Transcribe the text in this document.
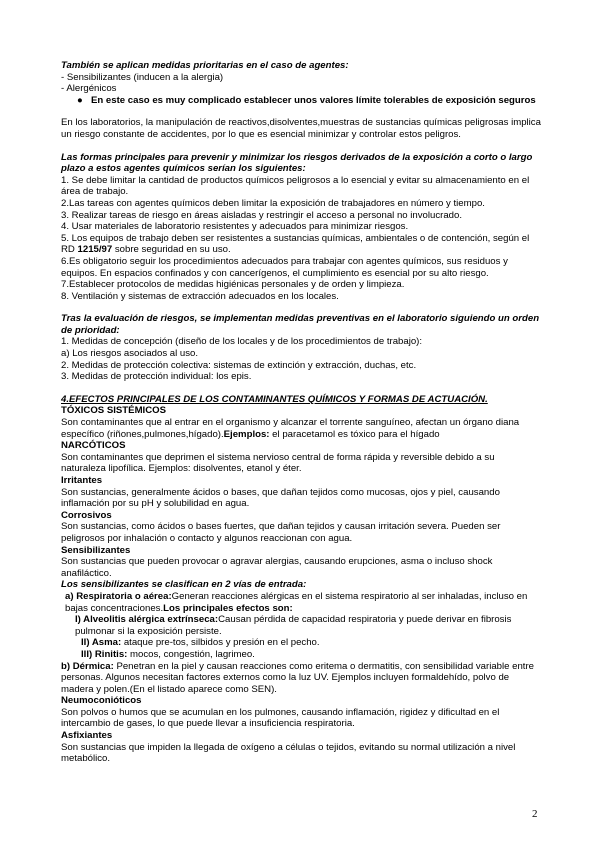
También se aplican medidas prioritarias en el caso de agentes:

- Sensibilizantes (inducen a la alergia)

- Alergénicos

● En este caso es muy complicado establecer unos valores límite tolerables de exposición seguros

En los laboratorios, la manipulación de reactivos,disolventes,muestras de sustancias químicas peligrosas implica un riesgo constante de accidentes, por lo que es esencial minimizar y controlar estos peligros.

Las formas principales para prevenir y minimizar los riesgos derivados de la exposición a corto o largo plazo a estos agentes químicos serían los siguientes:

1. Se debe limitar la cantidad de productos químicos peligrosos a lo esencial y evitar su almacenamiento en el área de trabajo.

2.Las tareas con agentes químicos deben limitar la exposición de trabajadores en número y tiempo.

3. Realizar tareas de riesgo en áreas aisladas y restringir el acceso a personal no involucrado.

4. Usar materiales de laboratorio resistentes y adecuados para minimizar riesgos.

5. Los equipos de trabajo deben ser resistentes a sustancias químicas, ambientales o de contención, según el RD 1215/97 sobre seguridad en su uso.

6.Es obligatorio seguir los procedimientos adecuados para trabajar con agentes químicos, sus residuos y equipos. En espacios confinados y con cancerígenos, el cumplimiento es esencial por su alto riesgo.

7.Establecer protocolos de medidas higiénicas personales y de orden y limpieza.

8. Ventilación y sistemas de extracción adecuados en los locales.

Tras la evaluación de riesgos, se implementan medidas preventivas en el laboratorio siguiendo un orden de prioridad:

1. Medidas de concepción (diseño de los locales y de los procedimientos de trabajo):

a) Los riesgos asociados al uso.

2. Medidas de protección colectiva: sistemas de extinción y extracción, duchas, etc.

3. Medidas de protección individual: los epis.

4.EFECTOS PRINCIPALES DE LOS CONTAMINANTES QUÍMICOS Y FORMAS DE ACTUACIÓN.

TÓXICOS SISTÉMICOS

Son contaminantes que al entrar en el organismo y alcanzar el torrente sanguíneo, afectan un órgano diana específico (riñones,pulmones,hígado).Ejemplos: el paracetamol es tóxico para el hígado

NARCÓTICOS

Son contaminantes que deprimen el sistema nervioso central de forma rápida y reversible debido a su naturaleza lipofílica. Ejemplos: disolventes, etanol y éter.

Irritantes

Son sustancias, generalmente ácidos o bases, que dañan tejidos como mucosas, ojos y piel, causando inflamación por su pH y solubilidad en agua.

Corrosivos

Son sustancias, como ácidos o bases fuertes, que dañan tejidos y causan irritación severa. Pueden ser peligrosos por inhalación o contacto y algunos reaccionan con agua.

Sensibilizantes

Son sustancias que pueden provocar o agravar alergias, causando erupciones, asma o incluso shock anafiláctico.

Los sensibilizantes se clasifican en 2 vías de entrada:

a) Respiratoria o aérea:Generan reacciones alérgicas en el sistema respiratorio al ser inhaladas, incluso en bajas concentraciones.Los principales efectos son:

I) Alveolitis alérgica extrínseca:Causan pérdida de capacidad respiratoria y puede derivar en fibrosis pulmonar si la exposición persiste.

II) Asma: ataque pre-tos, silbidos y presión en el pecho.

III) Rinitis: mocos, congestión, lagrimeo.

b) Dérmica: Penetran en la piel y causan reacciones como eritema o dermatitis, con sensibilidad variable entre personas. Algunos necesitan factores externos como la luz UV. Ejemplos incluyen formaldehído, polvo de madera y polen.(En el listado aparece como SEN).

Neumoconióticos

Son polvos o humos que se acumulan en los pulmones, causando inflamación, rigidez y dificultad en el intercambio de gases, lo que puede llevar a insuficiencia respiratoria.

Asfixiantes

Son sustancias que impiden la llegada de oxígeno a células o tejidos, evitando su normal utilización a nivel metabólico.

2
